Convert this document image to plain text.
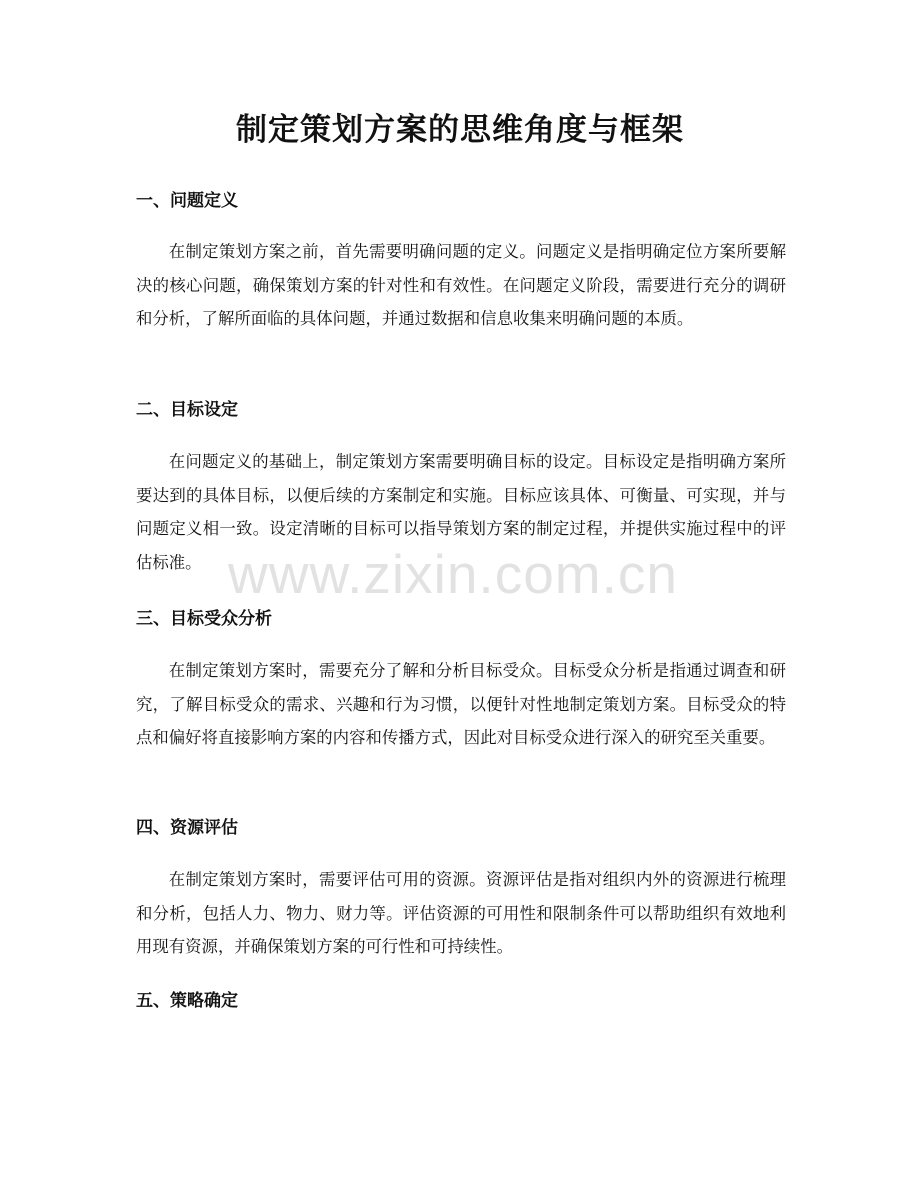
制定策划方案的思维角度与框架
一、问题定义

在制定策划方案之前，首先需要明确问题的定义。问题定义是指明确定位方案所要解决的核心问题，确保策划方案的针对性和有效性。在问题定义阶段，需要进行充分的调研和分析，了解所面临的具体问题，并通过数据和信息收集来明确问题的本质。

二、目标设定

在问题定义的基础上，制定策划方案需要明确目标的设定。目标设定是指明确方案所要达到的具体目标，以便后续的方案制定和实施。目标应该具体、可衡量、可实现，并与问题定义相一致。设定清晰的目标可以指导策划方案的制定过程，并提供实施过程中的评估标准。

三、目标受众分析

在制定策划方案时，需要充分了解和分析目标受众。目标受众分析是指通过调查和研究，了解目标受众的需求、兴趣和行为习惯，以便针对性地制定策划方案。目标受众的特点和偏好将直接影响方案的内容和传播方式，因此对目标受众进行深入的研究至关重要。

四、资源评估

在制定策划方案时，需要评估可用的资源。资源评估是指对组织内外的资源进行梳理和分析，包括人力、物力、财力等。评估资源的可用性和限制条件可以帮助组织有效地利用现有资源，并确保策划方案的可行性和可持续性。

五、策略确定
www.zixin.com.cn
